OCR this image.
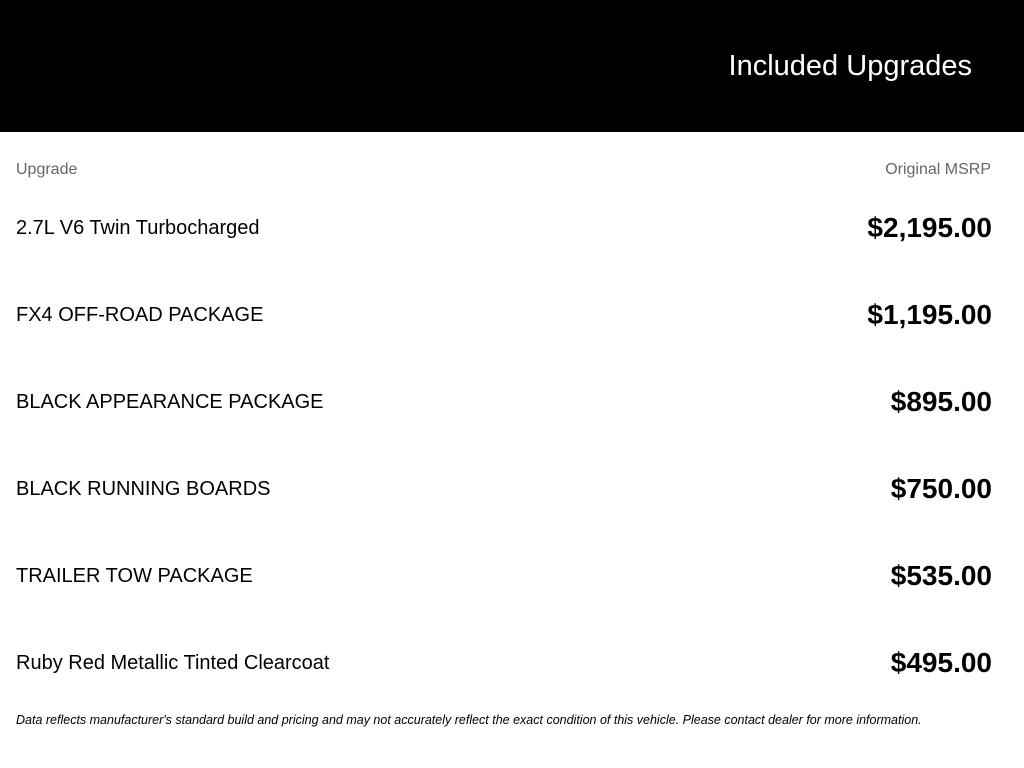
Included Upgrades
Upgrade	Original MSRP
2.7L V6 Twin Turbocharged	$2,195.00
FX4 OFF-ROAD PACKAGE	$1,195.00
BLACK APPEARANCE PACKAGE	$895.00
BLACK RUNNING BOARDS	$750.00
TRAILER TOW PACKAGE	$535.00
Ruby Red Metallic Tinted Clearcoat	$495.00
Data reflects manufacturer's standard build and pricing and may not accurately reflect the exact condition of this vehicle. Please contact dealer for more information.
